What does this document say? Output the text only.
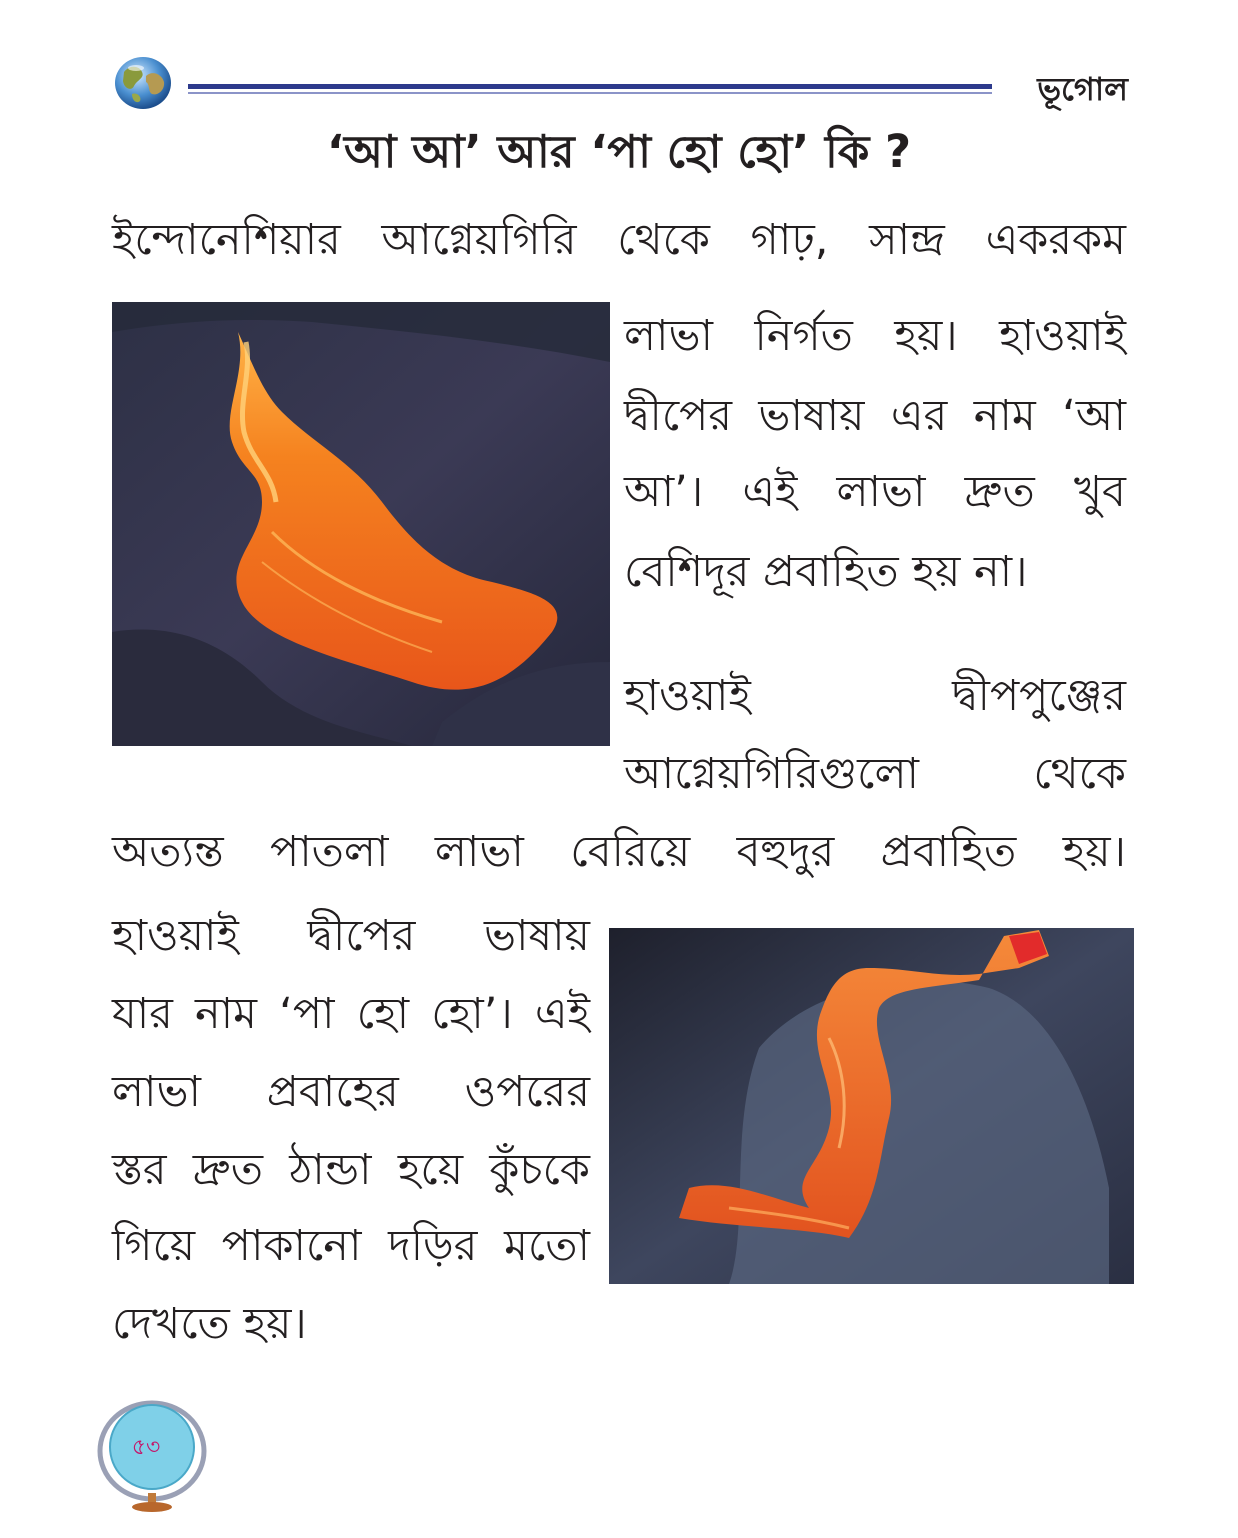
ভূগোল
‘আ আ’ আর ‘পা হো হো’ কি ?
ইন্দোনেশিয়ার আগ্নেয়গিরি থেকে গাঢ়, সান্দ্র একরকম
লাভা নির্গত হয়। হাওয়াই
দ্বীপের ভাষায় এর নাম ‘আ
আ’। এই লাভা দ্রুত খুব
বেশিদূর প্রবাহিত হয় না।
হাওয়াই দ্বীপপুঞ্জের
আগ্নেয়গিরিগুলো থেকে
অত্যন্ত পাতলা লাভা বেরিয়ে বহুদুর প্রবাহিত হয়।
হাওয়াই দ্বীপের ভাষায়
যার নাম ‘পা হো হো’। এই
লাভা প্রবাহের ওপরের
স্তর দ্রুত ঠান্ডা হয়ে কুঁচকে
গিয়ে পাকানো দড়ির মতো
দেখতে হয়।
৫৩
